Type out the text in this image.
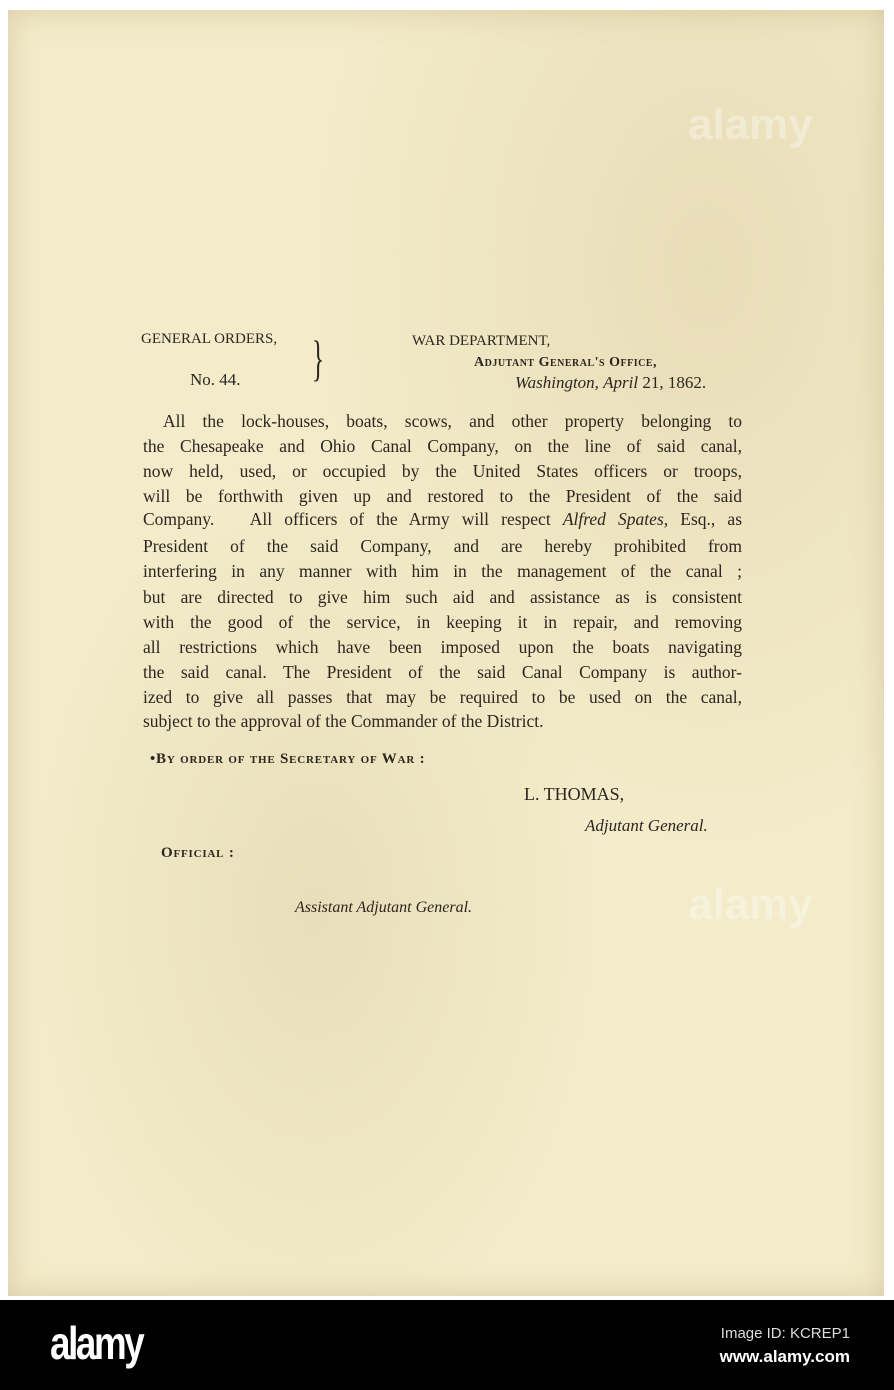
GENERAL ORDERS,
No. 44. }	WAR DEPARTMENT,
Adjutant General's Office,
Washington, April 21, 1862.
All the lock-houses, boats, scows, and other property belonging to
the Chesapeake and Ohio Canal Company, on the line of said canal,
now held, used, or occupied by the United States officers or troops,
will be forthwith given up and restored to the President of the said
Company.   All officers of the Army will respect Alfred Spates, Esq., as
President of the said Company, and are hereby prohibited from
interfering in any manner with him in the management of the canal ;
but are directed to give him such aid and assistance as is consistent
with the good of the service, in keeping it in repair, and removing
all restrictions which have been imposed upon the boats navigating
the said canal. The President of the said Canal Company is author-
ized to give all passes that may be required to be used on the canal,
subject to the approval of the Commander of the District.
•By order of the Secretary of War :
L. THOMAS,
Adjutant General.
Official :
Assistant Adjutant General.
alamy
alamy
alamy	Image ID: KCREP1
www.alamy.com
